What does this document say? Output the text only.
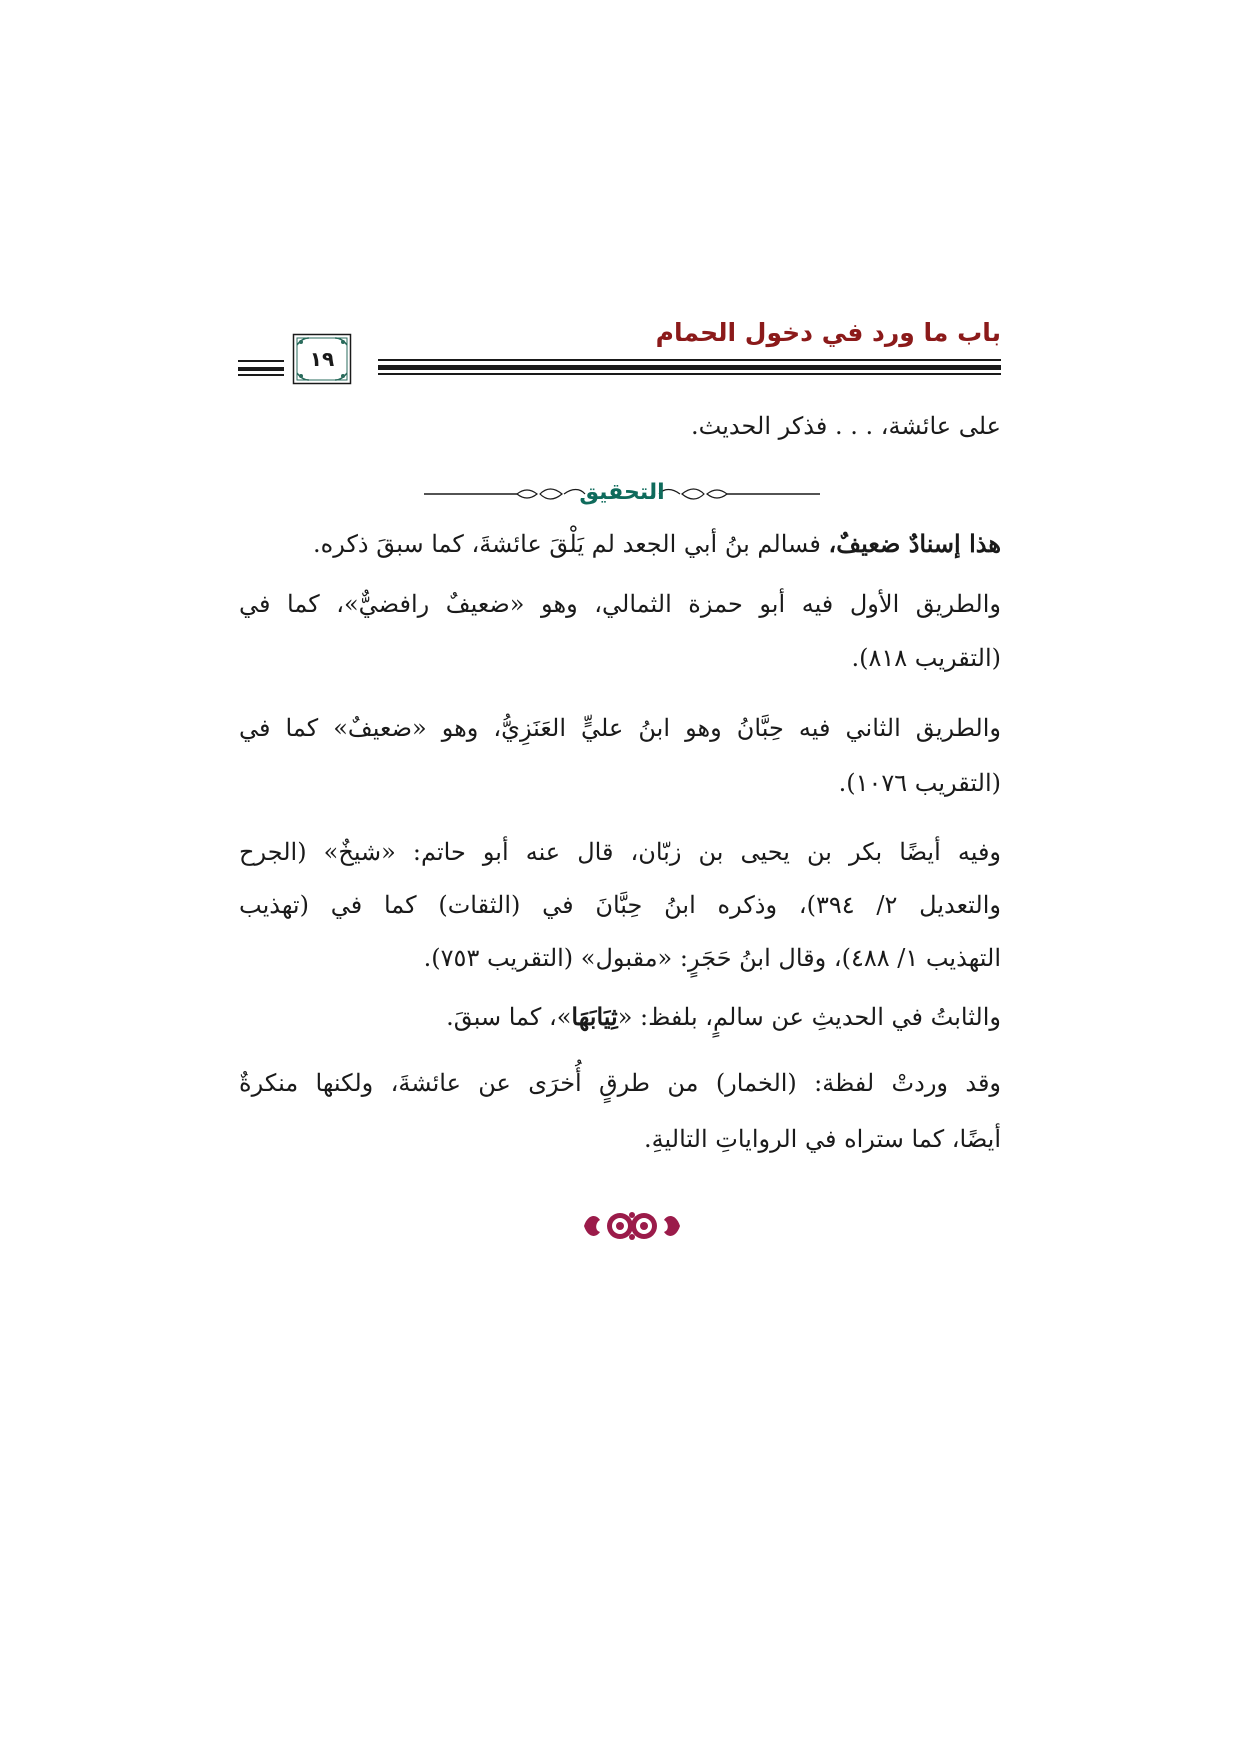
باب ما ورد في دخول الحمام
١٩
على عائشة، . . . فذكر الحديث.
التحقيق
هذا إسنادٌ ضعيفٌ، فسالم بنُ أبي الجعد لم يَلْقَ عائشةَ، كما سبقَ ذكره.
والطريق الأول فيه أبو حمزة الثمالي، وهو «ضعيفٌ رافضيٌّ»، كما في
(التقريب ٨١٨).
والطريق الثاني فيه حِبَّانُ وهو ابنُ عليٍّ العَنَزِيُّ، وهو «ضعيفٌ» كما في
(التقريب ١٠٧٦).
وفيه أيضًا بكر بن يحيى بن زبّان، قال عنه أبو حاتم: «شيخٌ» (الجرح
والتعديل ٢/ ٣٩٤)، وذكره ابنُ حِبَّانَ في (الثقات) كما في (تهذيب
التهذيب ١/ ٤٨٨)، وقال ابنُ حَجَرٍ: «مقبول» (التقريب ٧٥٣).
والثابتُ في الحديثِ عن سالمٍ، بلفظ: «ثِيَابَهَا»، كما سبقَ.
وقد وردتْ لفظة: (الخمار) من طرقٍ أُخرَى عن عائشةَ، ولكنها منكرةٌ
أيضًا، كما ستراه في الرواياتِ التاليةِ.
